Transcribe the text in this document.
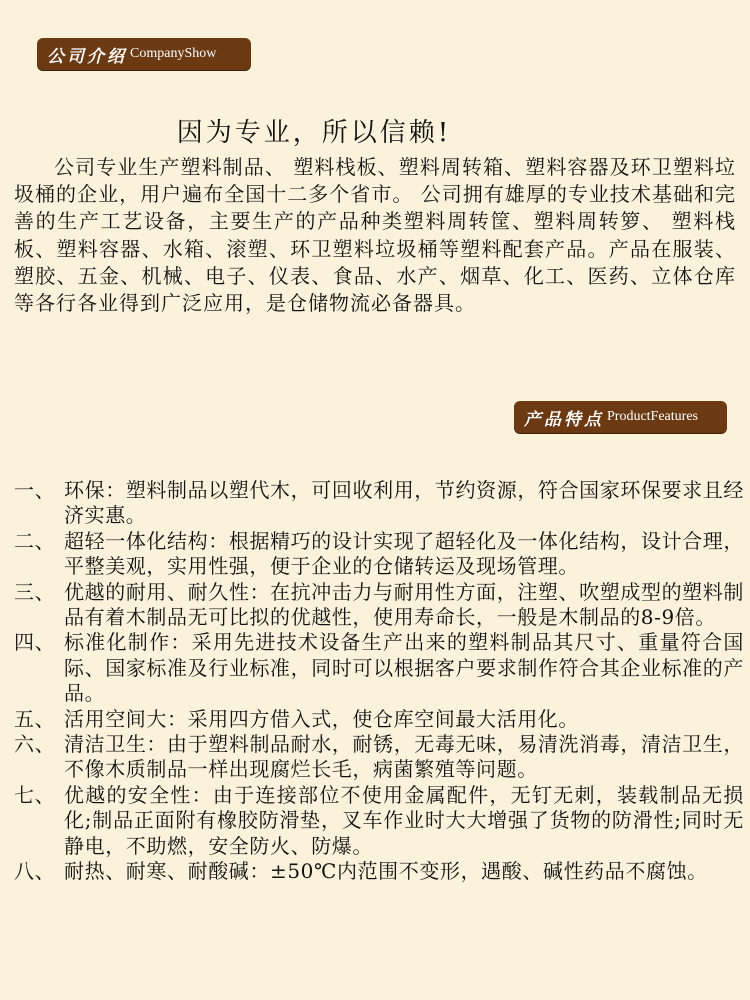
公司介绍 CompanyShow
因为专业，所以信赖!
公司专业生产塑料制品、 塑料栈板、塑料周转箱、塑料容器及环卫塑料垃圾桶的企业，用户遍布全国十二多个省市。 公司拥有雄厚的专业技术基础和完善的生产工艺设备，主要生产的产品种类塑料周转筐、塑料周转箩、 塑料栈板、塑料容器、水箱、滚塑、环卫塑料垃圾桶等塑料配套产品。产品在服装、塑胶、五金、机械、电子、仪表、食品、水产、烟草、化工、医药、立体仓库等各行各业得到广泛应用，是仓储物流必备器具。
产品特点 ProductFeatures
一、 环保：塑料制品以塑代木，可回收利用，节约资源，符合国家环保要求且经济实惠。
二、 超轻一体化结构：根据精巧的设计实现了超轻化及一体化结构，设计合理，平整美观，实用性强，便于企业的仓储转运及现场管理。
三、 优越的耐用、耐久性：在抗冲击力与耐用性方面，注塑、吹塑成型的塑料制品有着木制品无可比拟的优越性，使用寿命长，一般是木制品的8-9倍。
四、 标准化制作：采用先进技术设备生产出来的塑料制品其尺寸、重量符合国际、国家标准及行业标准，同时可以根据客户要求制作符合其企业标准的产品。
五、 活用空间大：采用四方借入式，使仓库空间最大活用化。
六、 清洁卫生：由于塑料制品耐水，耐锈，无毒无味，易清洗消毒，清洁卫生，不像木质制品一样出现腐烂长毛，病菌繁殖等问题。
七、 优越的安全性：由于连接部位不使用金属配件，无钉无刺，装载制品无损化;制品正面附有橡胶防滑垫，叉车作业时大大增强了货物的防滑性;同时无静电，不助燃，安全防火、防爆。
八、 耐热、耐寒、耐酸碱：±50℃内范围不变形，遇酸、碱性药品不腐蚀。
